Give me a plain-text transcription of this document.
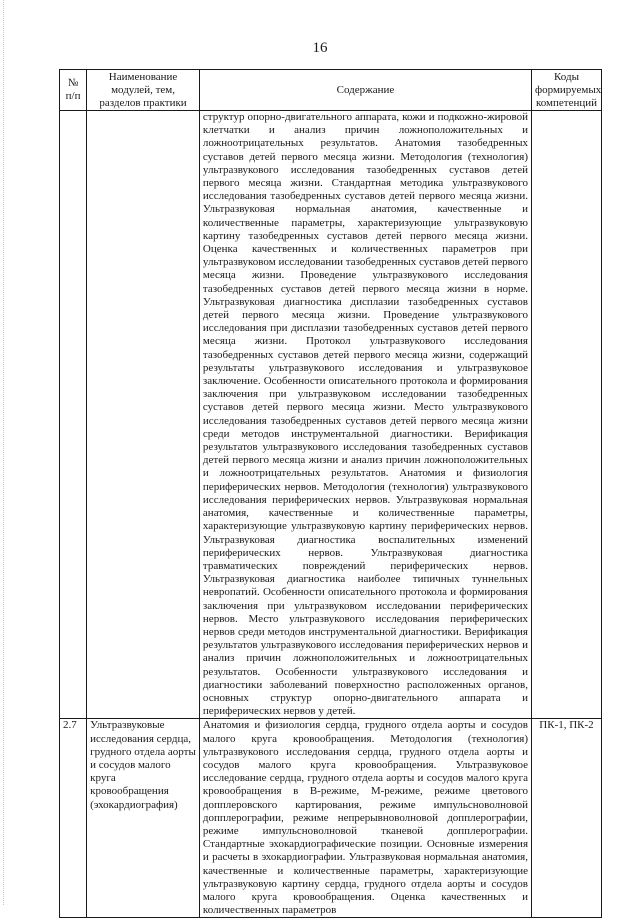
16
№ п/п	Наименование модулей, тем, разделов практики	Содержание	Коды формируемых компетенций
		структур опорно-двигательного аппарата, кожи и подкожно-жировой клетчатки и анализ причин ложноположительных и ложноотрицательных результатов. Анатомия тазобедренных суставов детей первого месяца жизни. Методология (технология) ультразвукового исследования тазобедренных суставов детей первого месяца жизни. Стандартная методика ультразвукового исследования тазобедренных суставов детей первого месяца жизни. Ультразвуковая нормальная анатомия, качественные и количественные параметры, характеризующие ультразвуковую картину тазобедренных суставов детей первого месяца жизни. Оценка качественных и количественных параметров при ультразвуковом исследовании тазобедренных суставов детей первого месяца жизни. Проведение ультразвукового исследования тазобедренных суставов детей первого месяца жизни в норме. Ультразвуковая диагностика дисплазии тазобедренных суставов детей первого месяца жизни. Проведение ультразвукового исследования при дисплазии тазобедренных суставов детей первого месяца жизни. Протокол ультразвукового исследования тазобедренных суставов детей первого месяца жизни, содержащий результаты ультразвукового исследования и ультразвуковое заключение. Особенности описательного протокола и формирования заключения при ультразвуковом исследовании тазобедренных суставов детей первого месяца жизни. Место ультразвукового исследования тазобедренных суставов детей первого месяца жизни среди методов инструментальной диагностики. Верификация результатов ультразвукового исследования тазобедренных суставов детей первого месяца жизни и анализ причин ложноположительных и ложноотрицательных результатов. Анатомия и физиология периферических нервов. Методология (технология) ультразвукового исследования периферических нервов. Ультразвуковая нормальная анатомия, качественные и количественные параметры, характеризующие ультразвуковую картину периферических нервов. Ультразвуковая диагностика воспалительных изменений периферических нервов. Ультразвуковая диагностика травматических повреждений периферических нервов. Ультразвуковая диагностика наиболее типичных туннельных невропатий. Особенности описательного протокола и формирования заключения при ультразвуковом исследовании периферических нервов. Место ультразвукового исследования периферических нервов среди методов инструментальной диагностики. Верификация результатов ультразвукового исследования периферических нервов и анализ причин ложноположительных и ложноотрицательных результатов. Особенности ультразвукового исследования и диагностики заболеваний поверхностно расположенных органов, основных структур опорно-двигательного аппарата и периферических нервов у детей.	
2.7	Ультразвуковые исследования сердца, грудного отдела аорты и сосудов малого круга кровообращения (эхокардиография)	Анатомия и физиология сердца, грудного отдела аорты и сосудов малого круга кровообращения. Методология (технология) ультразвукового исследования сердца, грудного отдела аорты и сосудов малого круга кровообращения. Ультразвуковое исследование сердца, грудного отдела аорты и сосудов малого круга кровообращения в В-режиме, М-режиме, режиме цветового допплеровского картирования, режиме импульсноволновой допплерографии, режиме непрерывноволновой допплерографии, режиме импульсноволновой тканевой допплерографии. Стандартные эхокардиографические позиции. Основные измерения и расчеты в эхокардиографии. Ультразвуковая нормальная анатомия, качественные и количественные параметры, характеризующие ультразвуковую картину сердца, грудного отдела аорты и сосудов малого круга кровообращения. Оценка качественных и количественных параметров	ПК-1, ПК-2
